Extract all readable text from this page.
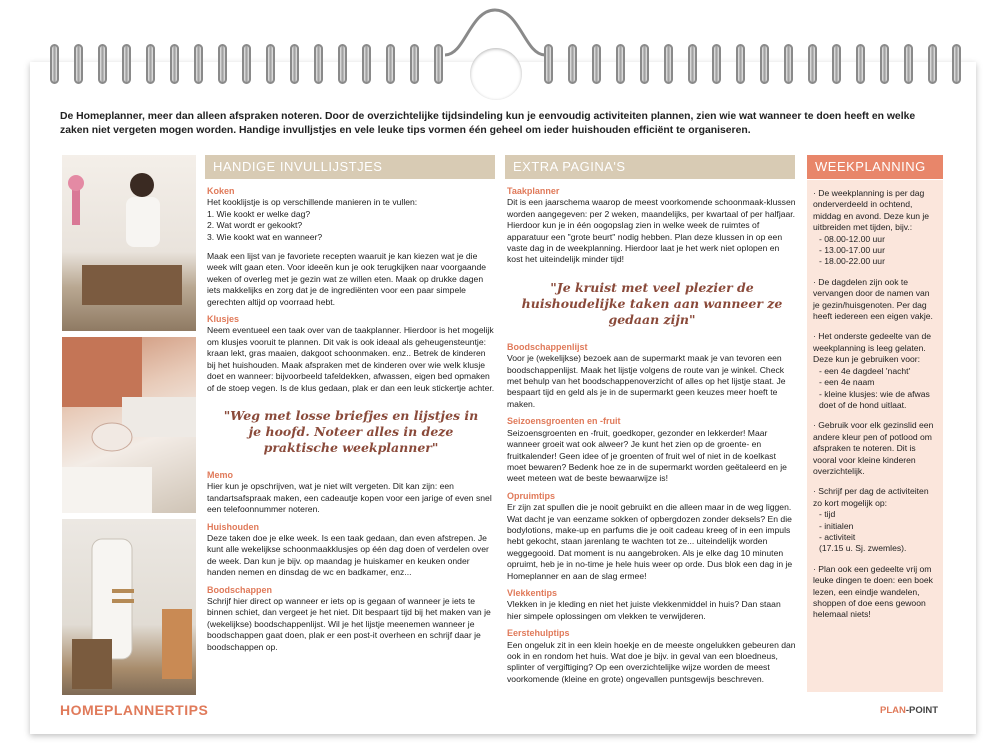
De Homeplanner, meer dan alleen afspraken noteren. Door de overzichtelijke tijdsindeling kun je eenvoudig activiteiten plannen, zien wie wat wanneer te doen heeft en welke zaken niet vergeten mogen worden. Handige invulljstjes en vele leuke tips vormen één geheel om ieder huishouden efficiënt te organiseren.
HANDIGE INVULLIJSTJES	EXTRA PAGINA'S	WEEKPLANNING
Koken
Het kooklijstje is op verschillende manieren in te vullen:
1. Wie kookt er welke dag?
2. Wat wordt er gekookt?
3. Wie kookt wat en wanneer?
Maak een lijst van je favoriete recepten waaruit je kan kiezen wat je die week wilt gaan eten. Voor ideeën kun je ook terugkijken naar voorgaande weken of overleg met je gezin wat ze willen eten. Maak op drukke dagen iets makkelijks en zorg dat je de ingrediënten voor een paar simpele gerechten altijd op voorraad hebt.
Klusjes
Neem eventueel een taak over van de taakplanner. Hierdoor is het mogelijk om klusjes vooruit te plannen. Dit vak is ook ideaal als geheugensteuntje: kraan lekt, gras maaien, dakgoot schoonmaken. enz.. Betrek de kinderen bij het huishouden. Maak afspraken met de kinderen over wie welk klusje doet en wanneer: bijvoorbeeld tafeldekken, afwassen, eigen bed opmaken of de stoep vegen. Is de klus gedaan, plak er dan een leuk stickertje achter.
"Weg met losse briefjes en lijstjes in je hoofd. Noteer alles in deze praktische weekplanner"
Memo
Hier kun je opschrijven, wat je niet wilt vergeten. Dit kan zijn: een tandartsafspraak maken, een cadeautje kopen voor een jarige of even snel een telefoonnummer noteren.
Huishouden
Deze taken doe je elke week. Is een taak gedaan, dan even afstrepen. Je kunt alle wekelijkse schoonmaakklusjes op één dag doen of verdelen over de week. Dan kun je bijv. op maandag je huiskamer en keuken onder handen nemen en dinsdag de wc en badkamer, enz...
Boodschappen
Schrijf hier direct op wanneer er iets op is gegaan of wanneer je iets te binnen schiet, dan vergeet je het niet. Dit bespaart tijd bij het maken van je (wekelijkse) boodschappenlijst. Wil je het lijstje meenemen wanneer je boodschappen gaat doen, plak er een post-it overheen en schrijf daar je boodschappen op.
Taakplanner
Dit is een jaarschema waarop de meest voorkomende schoonmaak-klussen worden aangegeven: per 2 weken, maandelijks, per kwartaal of per halfjaar. Hierdoor kun je in één oogopslag zien in welke week de ruimtes of apparatuur een "grote beurt" nodig hebben. Plan deze klussen in op een vaste dag in de weekplanning. Hierdoor laat je het werk niet oplopen en kost het uiteindelijk minder tijd!
"Je kruist met veel plezier de huishoudelijke taken aan wanneer ze gedaan zijn"
Boodschappenlijst
Voor je (wekelijkse) bezoek aan de supermarkt maak je van tevoren een boodschappenlijst. Maak het lijstje volgens de route van je winkel. Check met behulp van het boodschappenoverzicht of alles op het lijstje staat. Je bespaart tijd en geld als je in de supermarkt geen keuzes meer hoeft te maken.
Seizoensgroenten en -fruit
Seizoensgroenten en -fruit, goedkoper, gezonder en lekkerder! Maar wanneer groeit wat ook alweer? Je kunt het zien op de groente- en fruitkalender! Geen idee of je groenten of fruit wel of niet in de koelkast moet bewaren? Bedenk hoe ze in de supermarkt worden geëtaleerd en je weet meteen wat de beste bewaarwijze is!
Opruimtips
Er zijn zat spullen die je nooit gebruikt en die alleen maar in de weg liggen. Wat dacht je van eenzame sokken of opbergdozen zonder deksels? En die bodylotions, make-up en parfums die je ooit cadeau kreeg of in een impuls hebt gekocht, staan jarenlang te wachten tot ze... uiteindelijk worden weggegooid. Dat moment is nu aangebroken. Als je elke dag 10 minuten opruimt, heb je in no-time je hele huis weer op orde. Dus blok een dag in je Homeplanner en aan de slag ermee!
Vlekkentips
Vlekken in je kleding en niet het juiste vlekkenmiddel in huis? Dan staan hier simpele oplossingen om vlekken te verwijderen.
Eerstehulptips
Een ongeluk zit in een klein hoekje en de meeste ongelukken gebeuren dan ook in en rondom het huis. Wat doe je bijv. in geval van een bloedneus, splinter of vergiftiging? Op een overzichtelijke wijze worden de meest voorkomende (kleine en grote) ongevallen puntsgewijs beschreven.

· De weekplanning is per dag onderverdeeld in ochtend, middag en avond. Deze kun je uitbreiden met tijden, bijv.:
- 08.00-12.00 uur
- 13.00-17.00 uur
- 18.00-22.00 uur

· De dagdelen zijn ook te vervangen door de namen van je gezin/huisgenoten. Per dag heeft iedereen een eigen vakje.

· Het onderste gedeelte van de weekplanning is leeg gelaten. Deze kun je gebruiken voor:
- een 4e dagdeel 'nacht'
- een 4e naam
- kleine klusjes: wie de afwas doet of de hond uitlaat.

· Gebruik voor elk gezinslid een andere kleur pen of potlood om afspraken te noteren. Dit is vooral voor kleine kinderen overzichtelijk.

· Schrijf per dag de activiteiten zo kort mogelijk op:
- tijd
- initialen
- activiteit
(17.15 u. Sj. zwemles).

· Plan ook een gedeelte vrij om leuke dingen te doen: een boek lezen, een eindje wandelen, shoppen of doe eens gewoon helemaal niets!

HOMEPLANNERTIPS	PLAN-POINT
